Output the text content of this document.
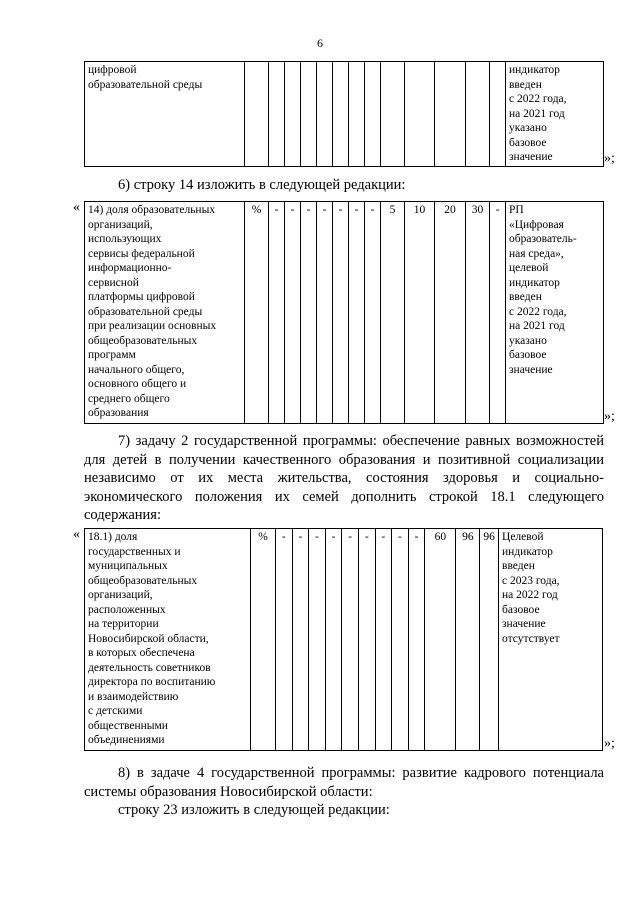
6
цифровой
образовательной среды														индикатор
введен
с 2022 года,
на 2021 год
указано
базовое
значение	»;

6) строку 14 изложить в следующей редакции:

« 14) доля образовательных
организаций,
использующих
сервисы федеральной
информационно-
сервисной
платформы цифровой
образовательной среды
при реализации основных
общеобразовательных
программ
начального общего,
основного общего и
среднего общего
образования	%	-	-	-	-	-	-	-	5	10	20	30	-	РП
«Цифровая
образователь-
ная среда»,
целевой
индикатор
введен
с 2022 года,
на 2021 год
указано
базовое
значение
»;

7) задачу 2 государственной программы: обеспечение равных возможностей для детей в получении качественного образования и позитивной социализации независимо от их места жительства, состояния здоровья и социально-экономического положения их семей дополнить строкой 18.1 следующего содержания:

« 18.1) доля
государственных и
муниципальных
общеобразовательных
организаций,
расположенных
на территории
Новосибирской области,
в которых обеспечена
деятельность советников
директора по воспитанию
и взаимодействию
с детскими
общественными
объединениями	%	-	-	-	-	-	-	-	-	-	60	96	96	Целевой
индикатор
введен
с 2023 года,
на 2022 год
базовое
значение
отсутствует
»;

8) в задаче 4 государственной программы: развитие кадрового потенциала системы образования Новосибирской области:

строку 23 изложить в следующей редакции:
